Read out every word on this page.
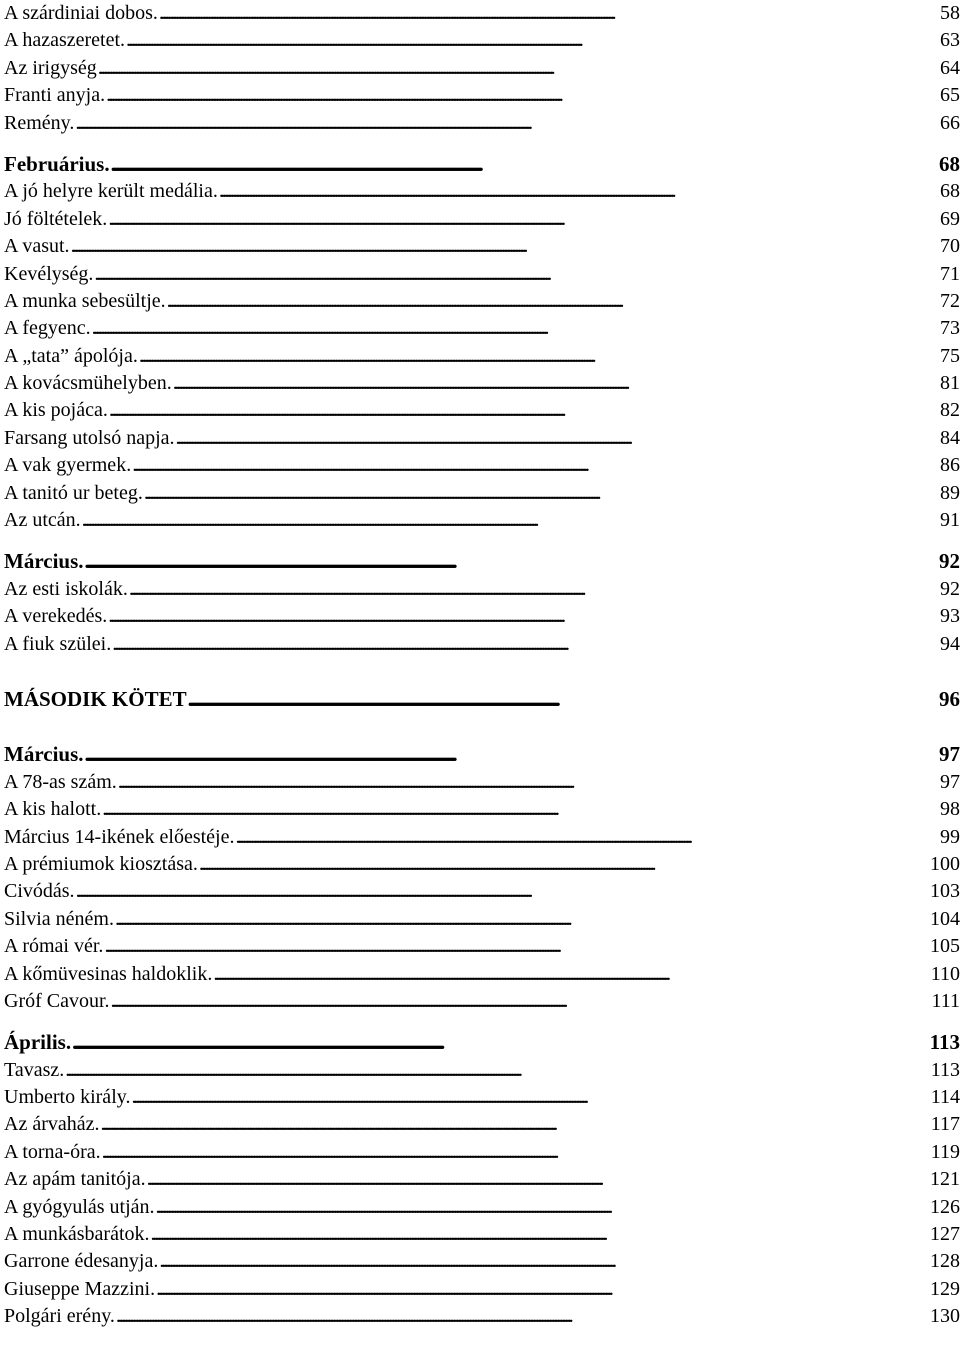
A szárdiniai dobos. . . .	58
A hazaszeretet. . . .	63
Az irigység . . .	64
Franti anyja. . . .	65
Remény. . . .	66
Februárius. . . .	68
A jó helyre került medália. . . .	68
Jó föltételek. . . .	69
A vasut. . . .	70
Kevélység. . . .	71
A munka sebesültje. . . .	72
A fegyenc. . . .	73
A „tata” ápolója. . . .	75
A kovácsmühelyben. . . .	81
A kis pojáca. . . .	82
Farsang utolsó napja. . . .	84
A vak gyermek. . . .	86
A tanitó ur beteg. . . .	89
Az utcán. . . .	91
Március. . . .	92
Az esti iskolák. . . .	92
A verekedés. . . .	93
A fiuk szülei. . . .	94
MÁSODIK KÖTET . . .	96
Március. . . .	97
A 78-as szám. . . .	97
A kis halott. . . .	98
Március 14-ikének előestéje. . . .	99
A prémiumok kiosztása. . . .	100
Civódás. . . .	103
Silvia néném. . . .	104
A római vér. . . .	105
A kőmüvesinas haldoklik. . . .	110
Gróf Cavour. . . .	111
Április. . . .	113
Tavasz. . . .	113
Umberto király. . . .	114
Az árvaház. . . .	117
A torna-óra. . . .	119
Az apám tanitója. . . .	121
A gyógyulás utján. . . .	126
A munkásbarátok. . . .	127
Garrone édesanyja. . . .	128
Giuseppe Mazzini. . . .	129
Polgári erény. . . .	130
